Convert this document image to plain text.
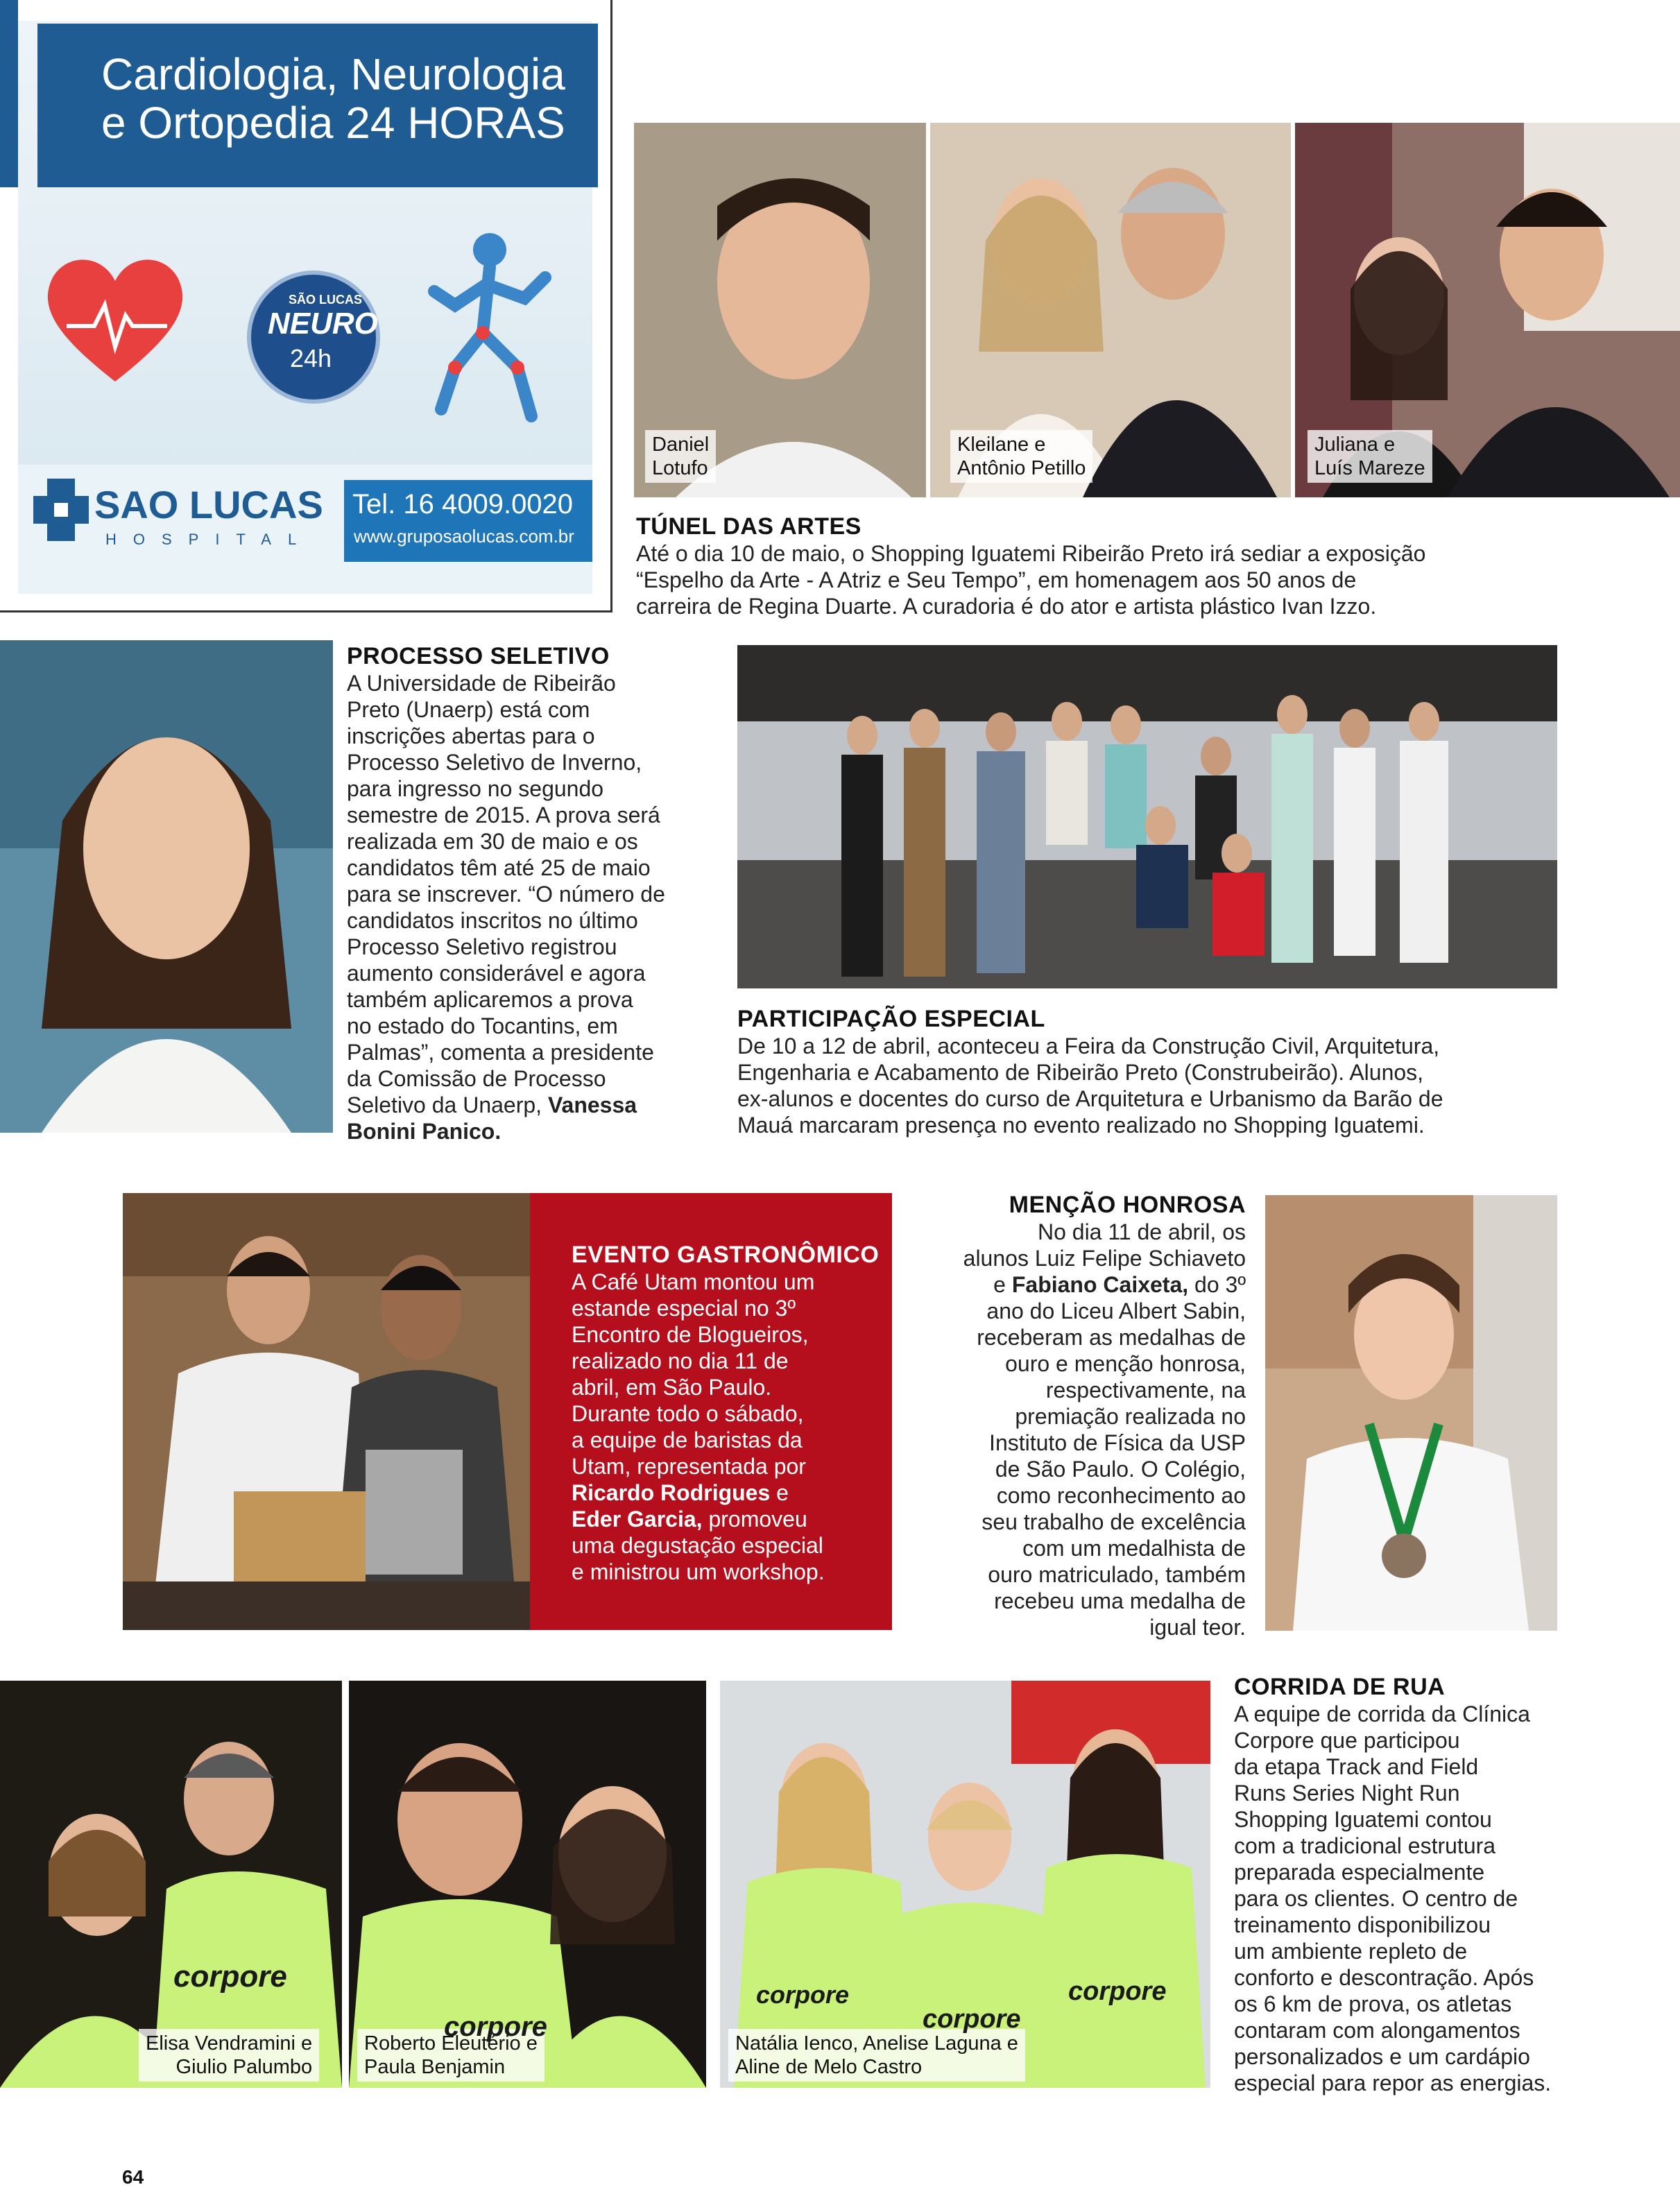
Cardiologia, Neurologia
e Ortopedia 24 HORAS
SÃO LUCAS
NEURO
24h
SAO LUCAS
HOSPITAL
Tel. 16 4009.0020
www.gruposaolucas.com.br
Daniel
Lotufo
Kleilane e
Antônio Petillo
Juliana e
Luís Mareze
TÚNEL DAS ARTES
Até o dia 10 de maio, o Shopping Iguatemi Ribeirão Preto irá sediar a exposição
“Espelho da Arte - A Atriz e Seu Tempo”, em homenagem aos 50 anos de
carreira de Regina Duarte. A curadoria é do ator e artista plástico Ivan Izzo.
PROCESSO SELETIVO
A Universidade de Ribeirão
Preto (Unaerp) está com
inscrições abertas para o
Processo Seletivo de Inverno,
para ingresso no segundo
semestre de 2015. A prova será
realizada em 30 de maio e os
candidatos têm até 25 de maio
para se inscrever. “O número de
candidatos inscritos no último
Processo Seletivo registrou
aumento considerável e agora
também aplicaremos a prova
no estado do Tocantins, em
Palmas”, comenta a presidente
da Comissão de Processo
Seletivo da Unaerp, Vanessa
Bonini Panico.
PARTICIPAÇÃO ESPECIAL
De 10 a 12 de abril, aconteceu a Feira da Construção Civil, Arquitetura,
Engenharia e Acabamento de Ribeirão Preto (Construbeirão). Alunos,
ex-alunos e docentes do curso de Arquitetura e Urbanismo da Barão de
Mauá marcaram presença no evento realizado no Shopping Iguatemi.
EVENTO GASTRONÔMICO
A Café Utam montou um
estande especial no 3º
Encontro de Blogueiros,
realizado no dia 11 de
abril, em São Paulo.
Durante todo o sábado,
a equipe de baristas da
Utam, representada por
Ricardo Rodrigues e
Eder Garcia, promoveu
uma degustação especial
e ministrou um workshop.
MENÇÃO HONROSA
No dia 11 de abril, os
alunos Luiz Felipe Schiaveto
e Fabiano Caixeta, do 3º
ano do Liceu Albert Sabin,
receberam as medalhas de
ouro e menção honrosa,
respectivamente, na
premiação realizada no
Instituto de Física da USP
de São Paulo. O Colégio,
como reconhecimento ao
seu trabalho de excelência
com um medalhista de
ouro matriculado, também
recebeu uma medalha de
igual teor.
Elisa Vendramini e
Giulio Palumbo
Roberto Eleutério e
Paula Benjamin
Natália Ienco, Anelise Laguna e
Aline de Melo Castro
CORRIDA DE RUA
A equipe de corrida da Clínica
Corpore que participou
da etapa Track and Field
Runs Series Night Run
Shopping Iguatemi contou
com a tradicional estrutura
preparada especialmente
para os clientes. O centro de
treinamento disponibilizou
um ambiente repleto de
conforto e descontração. Após
os 6 km de prova, os atletas
contaram com alongamentos
personalizados e um cardápio
especial para repor as energias.
64
corpore
corpore
corpore
corpore
corpore
